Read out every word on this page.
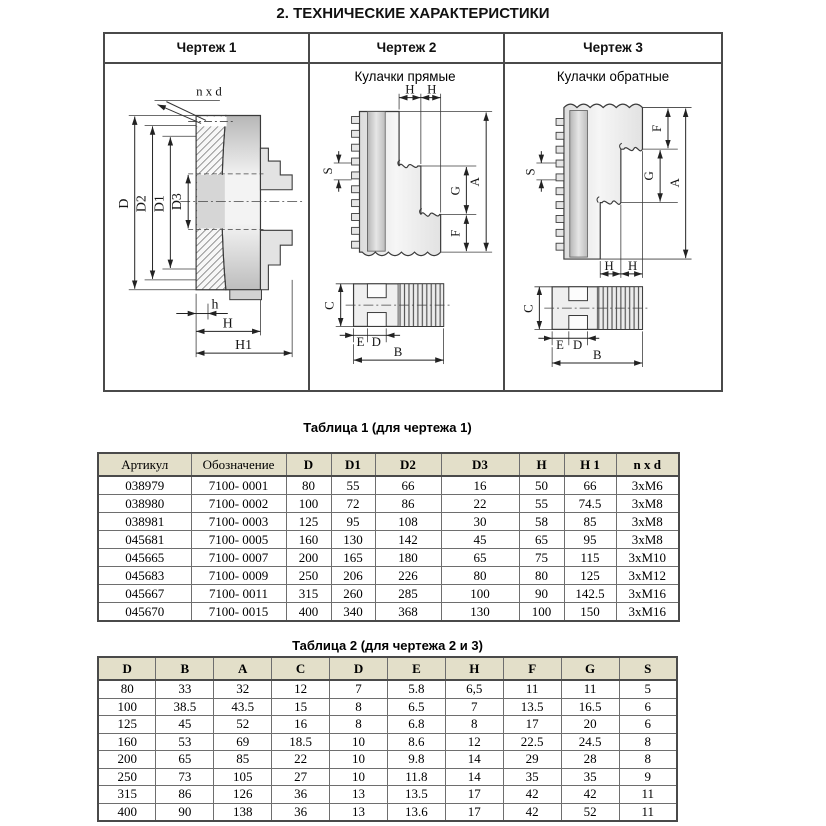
2. ТЕХНИЧЕСКИЕ ХАРАКТЕРИСТИКИ
Чертеж 1	Чертеж 2	Чертеж 3
n x d
D D2 D1 D3
h
H
H1
Кулачки прямые
H H
S
G
F
A
C
E D
B
Кулачки обратные
H H
S
F
G
A
C
E D
B
Таблица 1 (для чертежа 1)
Артикул	Обозначение	D	D1	D2	D3	H	H 1	n x d
038979	7100- 0001	80	55	66	16	50	66	3xM6
038980	7100- 0002	100	72	86	22	55	74.5	3xM8
038981	7100- 0003	125	95	108	30	58	85	3xM8
045681	7100- 0005	160	130	142	45	65	95	3xM8
045665	7100- 0007	200	165	180	65	75	115	3xM10
045683	7100- 0009	250	206	226	80	80	125	3xM12
045667	7100- 0011	315	260	285	100	90	142.5	3xM16
045670	7100- 0015	400	340	368	130	100	150	3xM16
Таблица 2 (для чертежа 2 и 3)
D	B	A	C	D	E	H	F	G	S
80	33	32	12	7	5.8	6,5	11	11	5
100	38.5	43.5	15	8	6.5	7	13.5	16.5	6
125	45	52	16	8	6.8	8	17	20	6
160	53	69	18.5	10	8.6	12	22.5	24.5	8
200	65	85	22	10	9.8	14	29	28	8
250	73	105	27	10	11.8	14	35	35	9
315	86	126	36	13	13.5	17	42	42	11
400	90	138	36	13	13.6	17	42	52	11
